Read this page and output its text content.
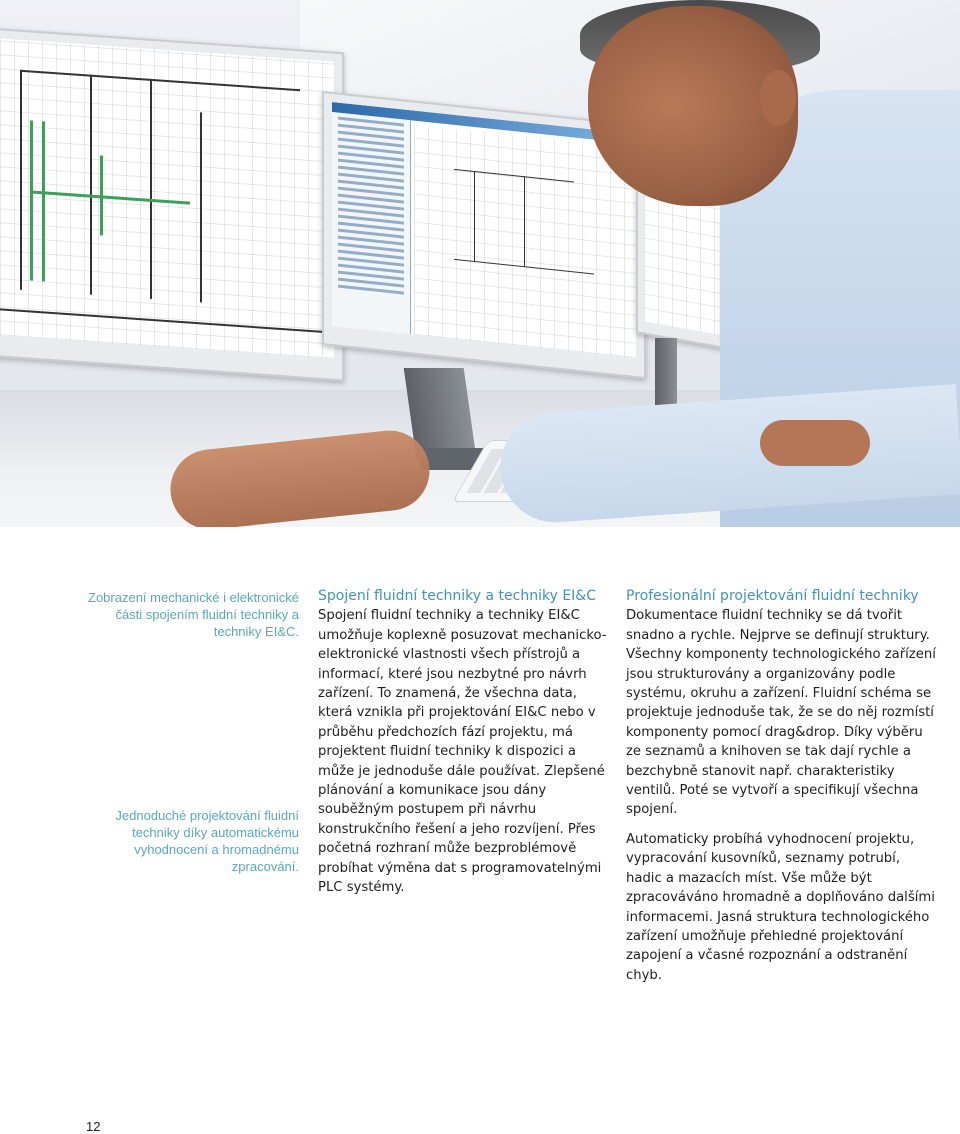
Zobrazení mechanické i elektronické části spojením fluidní techniky a techniky EI&C.
Jednoduché projektování fluidní techniky díky automatickému vyhodnocení a hromadnému zpracování.
Spojení fluidní techniky a techniky EI&C

Spojení fluidní techniky a techniky EI&C umožňuje koplexně posuzovat mechanicko-elektronické vlastnosti všech přístrojů a informací, které jsou nezbytné pro návrh zařízení. To znamená, že všechna data, která vznikla při projektování EI&C nebo v průběhu předchozích fází projektu, má projektent fluidní techniky k dispozici a může je jednoduše dále používat. Zlepšené plánování a komunikace jsou dány souběžným postupem při návrhu konstrukčního řešení a jeho rozvíjení. Přes početná rozhraní může bezproblémově probíhat výměna dat s programovatelnými PLC systémy.

Profesionální projektování fluidní techniky

Dokumentace fluidní techniky se dá tvořit snadno a rychle. Nejprve se definují struktury. Všechny komponenty technologického zařízení jsou strukturovány a organizovány podle systému, okruhu a zařízení. Fluidní schéma se projektuje jednoduše tak, že se do něj rozmístí komponenty pomocí drag&drop. Díky výběru ze seznamů a knihoven se tak dají rychle a bezchybně stanovit např. charakteristiky ventilů. Poté se vytvoří a specifikují všechna spojení.

Automaticky probíhá vyhodnocení projektu, vypracování kusovníků, seznamy potrubí, hadic a mazacích míst. Vše může být zpracováváno hromadně a doplňováno dalšími informacemi. Jasná struktura technologického zařízení umožňuje přehledné projektování zapojení a včasné rozpoznání a odstranění chyb.

12
